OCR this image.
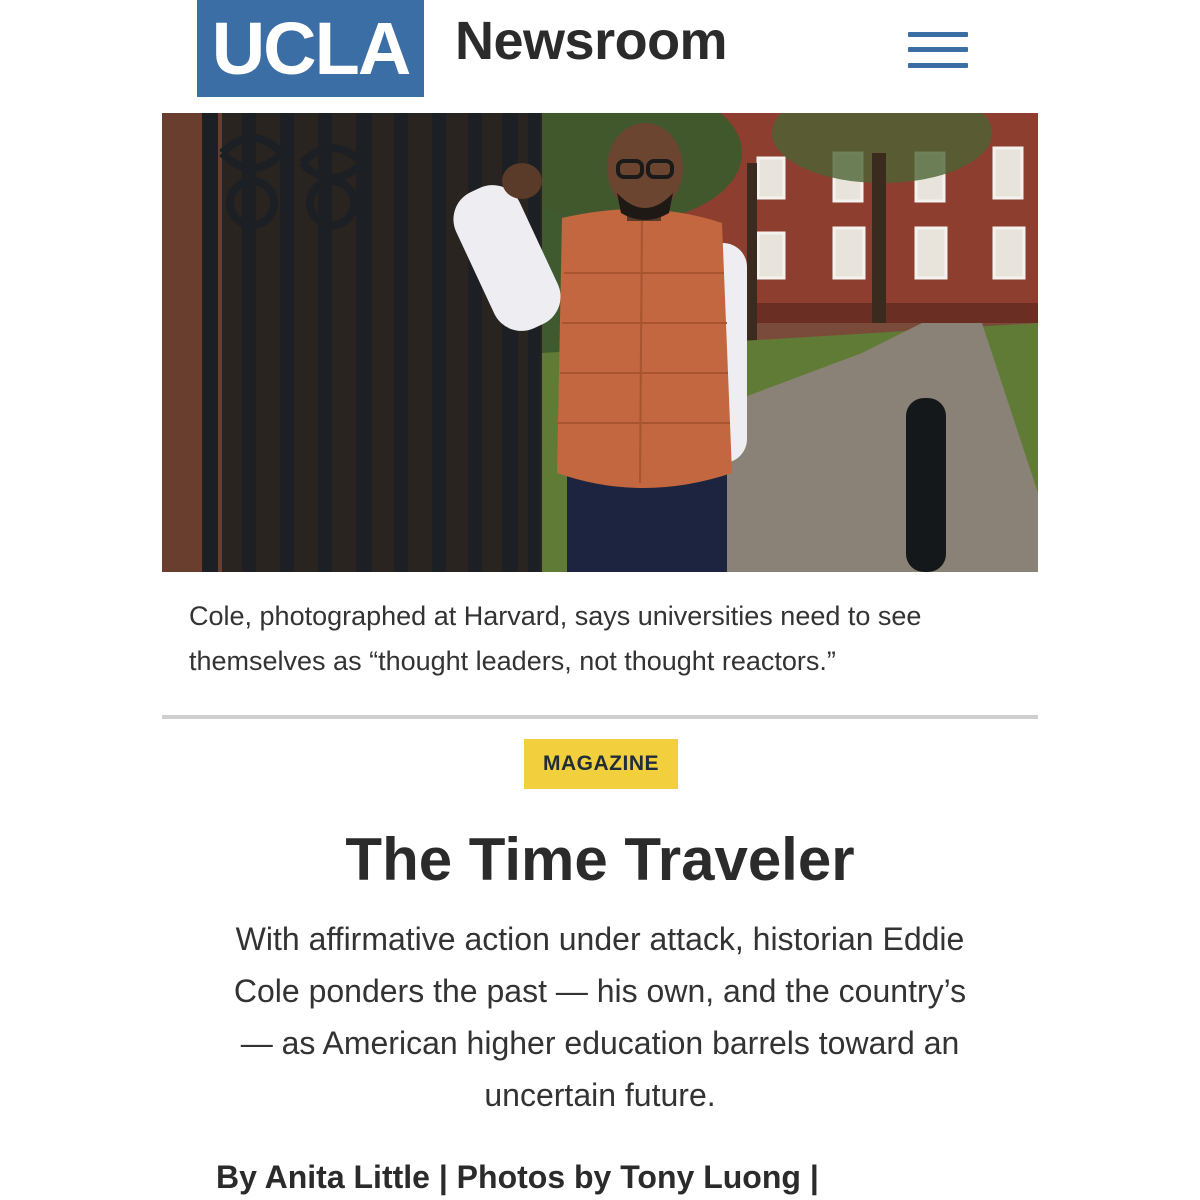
UCLA Newsroom

Cole, photographed at Harvard, says universities need to see themselves as “thought leaders, not thought reactors.”

MAGAZINE
The Time Traveler

With affirmative action under attack, historian Eddie Cole ponders the past — his own, and the country’s — as American higher education barrels toward an uncertain future.

By Anita Little | Photos by Tony Luong |
